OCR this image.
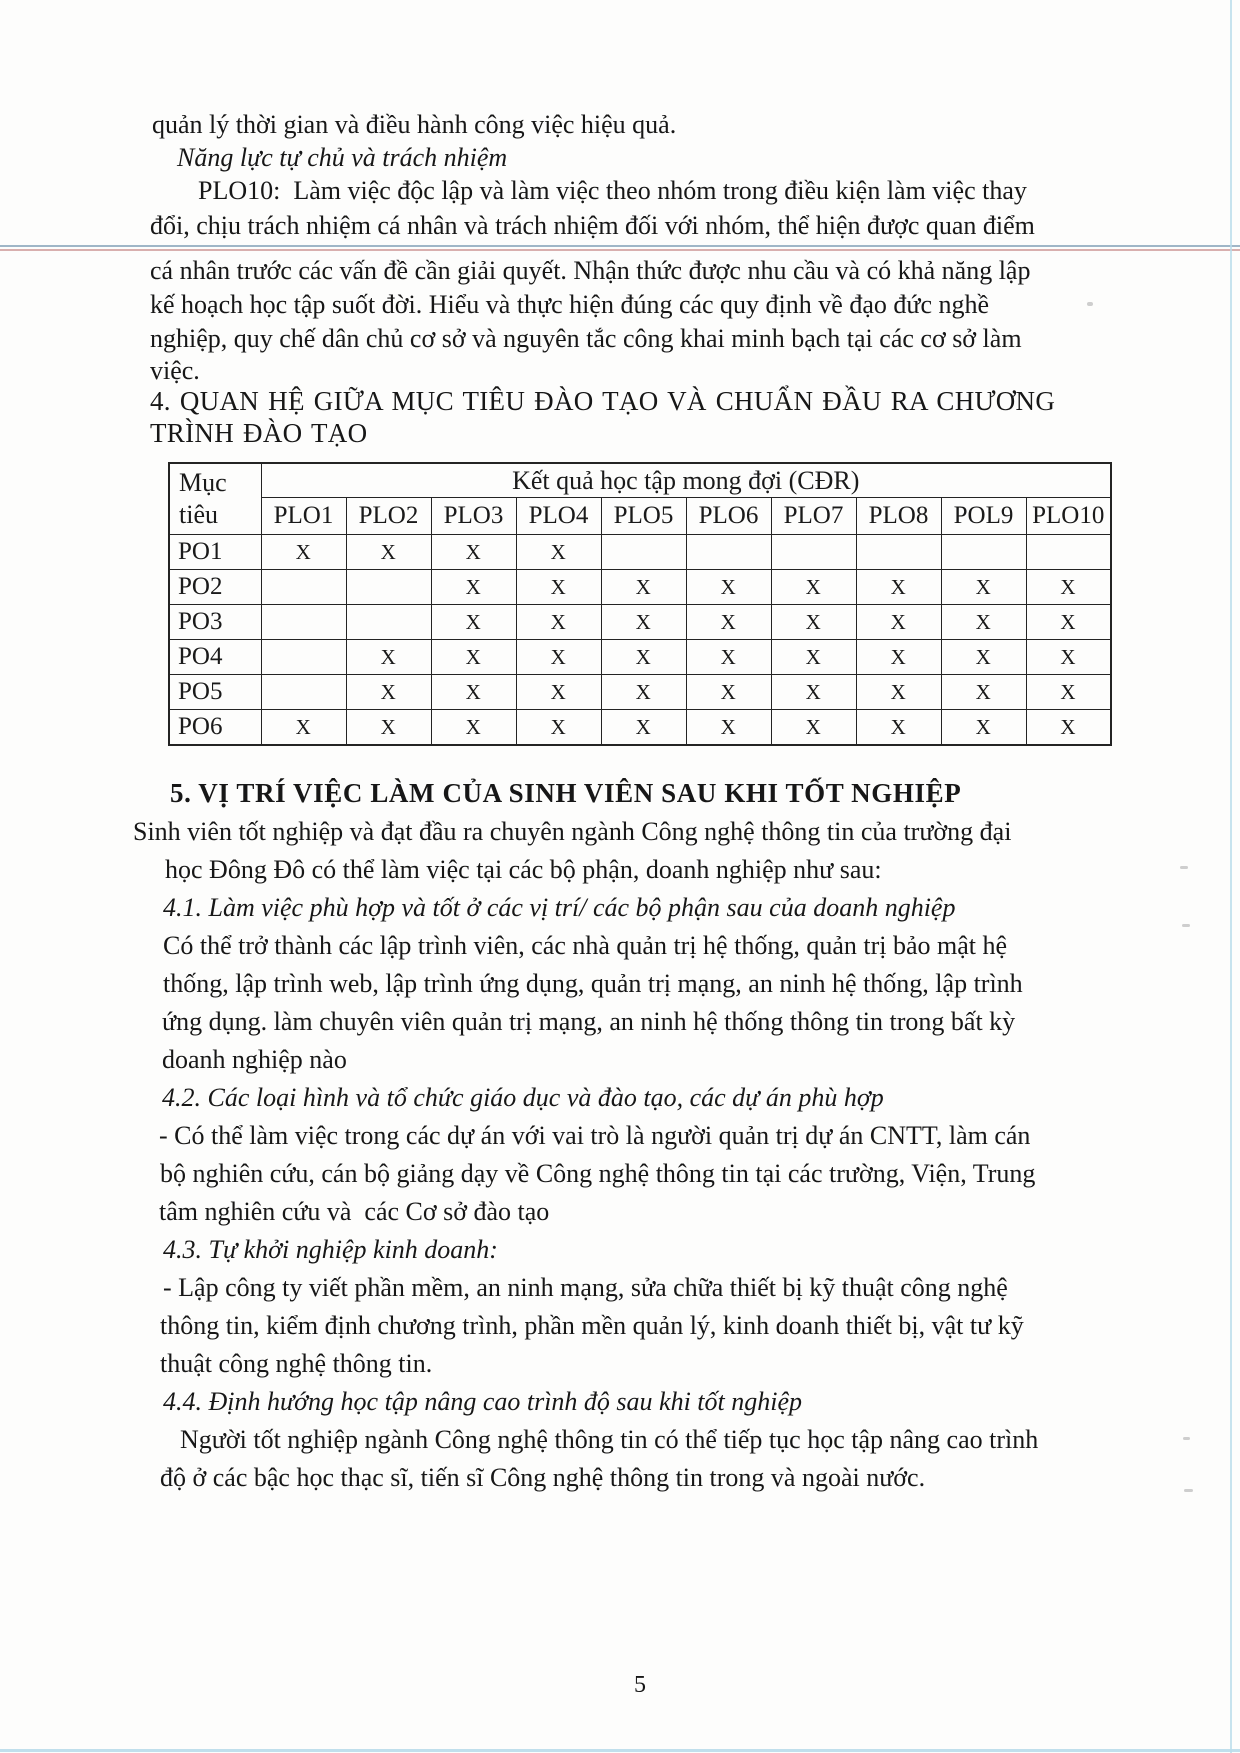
quản lý thời gian và điều hành công việc hiệu quả.
Năng lực tự chủ và trách nhiệm
PLO10:  Làm việc độc lập và làm việc theo nhóm trong điều kiện làm việc thay
đổi, chịu trách nhiệm cá nhân và trách nhiệm đối với nhóm, thể hiện được quan điểm
cá nhân trước các vấn đề cần giải quyết. Nhận thức được nhu cầu và có khả năng lập
kế hoạch học tập suốt đời. Hiểu và thực hiện đúng các quy định về đạo đức nghề
nghiệp, quy chế dân chủ cơ sở và nguyên tắc công khai minh bạch tại các cơ sở làm
việc.
4. QUAN HỆ GIỮA MỤC TIÊU ĐÀO TẠO VÀ CHUẨN ĐẦU RA CHƯƠNG
TRÌNH ĐÀO TẠO
Mục
tiêu	Kết quả học tập mong đợi (CĐR)									
	PLO1	PLO2	PLO3	PLO4	PLO5	PLO6	PLO7	PLO8	POL9	PLO10
PO1	X	X	X	X						
PO2			X	X	X	X	X	X	X	X
PO3			X	X	X	X	X	X	X	X
PO4		X	X	X	X	X	X	X	X	X
PO5		X	X	X	X	X	X	X	X	X
PO6	X	X	X	X	X	X	X	X	X	X
5. VỊ TRÍ VIỆC LÀM CỦA SINH VIÊN SAU KHI TỐT NGHIỆP
Sinh viên tốt nghiệp và đạt đầu ra chuyên ngành Công nghệ thông tin của trường đại
học Đông Đô có thể làm việc tại các bộ phận, doanh nghiệp như sau:
4.1. Làm việc phù hợp và tốt ở các vị trí/ các bộ phận sau của doanh nghiệp
Có thể trở thành các lập trình viên, các nhà quản trị hệ thống, quản trị bảo mật hệ
thống, lập trình web, lập trình ứng dụng, quản trị mạng, an ninh hệ thống, lập trình
ứng dụng. làm chuyên viên quản trị mạng, an ninh hệ thống thông tin trong bất kỳ
doanh nghiệp nào
4.2. Các loại hình và tổ chức giáo dục và đào tạo, các dự án phù hợp
- Có thể làm việc trong các dự án với vai trò là người quản trị dự án CNTT, làm cán
bộ nghiên cứu, cán bộ giảng dạy về Công nghệ thông tin tại các trường, Viện, Trung
tâm nghiên cứu và  các Cơ sở đào tạo
4.3. Tự khởi nghiệp kinh doanh:
- Lập công ty viết phần mềm, an ninh mạng, sửa chữa thiết bị kỹ thuật công nghệ
thông tin, kiểm định chương trình, phần mền quản lý, kinh doanh thiết bị, vật tư kỹ
thuật công nghệ thông tin.
4.4. Định hướng học tập nâng cao trình độ sau khi tốt nghiệp
Người tốt nghiệp ngành Công nghệ thông tin có thể tiếp tục học tập nâng cao trình
độ ở các bậc học thạc sĩ, tiến sĩ Công nghệ thông tin trong và ngoài nước.
5
